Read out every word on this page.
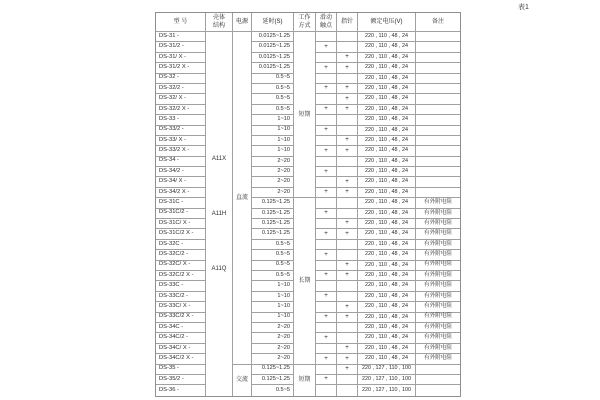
表1
型 号
DS-31 -
DS-31/2 -
DS-31/ X -
DS-31/2 X -
DS-32 -
DS-32/2 -
DS-32/ X -
DS-32/2 X -
DS-33 -
DS-33/2 -
DS-33/ X -
DS-33/2 X -
DS-34 -
DS-34/2 -
DS-34/ X -
DS-34/2 X -
DS-31C -
DS-31C/2 -
DS-31C/ X -
DS-31C/2 X -
DS-32C -
DS-32C/2 -
DS-32C/ X -
DS-32C/2 X -
DS-33C -
DS-33C/2 -
DS-33C/ X -
DS-33C/2 X -
DS-34C -
DS-34C/2 -
DS-34C/ X -
DS-34C/2 X -
DS-35 -
DS-35/2 -
DS-36 -
壳体
结构
A11X
A11H
A11Q
电源
直流
交流
延时(S)
0.0125~1.25
0.0125~1.25
0.0125~1.25
0.0125~1.25
0.5~5
0.5~5
0.5~5
0.5~5
1~10
1~10
1~10
1~10
2~20
2~20
2~20
2~20
0.125~1.25
0.125~1.25
0.125~1.25
0.125~1.25
0.5~5
0.5~5
0.5~5
0.5~5
1~10
1~10
1~10
1~10
2~20
2~20
2~20
2~20
0.125~1.25
0.125~1.25
0.5~5
工作
方式
短期
长期
短期
滑动
触点
+
+
+
+
+
+
+
+
+
+
+
+
+
+
+
+
+
指针
+
+
+
+
+
+
+
+
+
+
+
+
+
+
+
+
+
+
额定电压(V)
220 , 110 , 48 , 24
220 , 110 , 48 , 24
220 , 110 , 48 , 24
220 , 110 , 48 , 24
220 , 110 , 48 , 24
220 , 110 , 48 , 24
220 , 110 , 48 , 24
220 , 110 , 48 , 24
220 , 110 , 48 , 24
220 , 110 , 48 , 24
220 , 110 , 48 , 24
220 , 110 , 48 , 24
220 , 110 , 48 , 24
220 , 110 , 48 , 24
220 , 110 , 48 , 24
220 , 110 , 48 , 24
220 , 110 , 48 , 24
220 , 110 , 48 , 24
220 , 110 , 48 , 24
220 , 110 , 48 , 24
220 , 110 , 48 , 24
220 , 110 , 48 , 24
220 , 110 , 48 , 24
220 , 110 , 48 , 24
220 , 110 , 48 , 24
220 , 110 , 48 , 24
220 , 110 , 48 , 24
220 , 110 , 48 , 24
220 , 110 , 48 , 24
220 , 110 , 48 , 24
220 , 110 , 48 , 24
220 , 110 , 48 , 24
220 , 127 , 110 , 100
220 , 127 , 110 , 100
220 , 127 , 110 , 100
备注
有外附电阻
有外附电阻
有外附电阻
有外附电阻
有外附电阻
有外附电阻
有外附电阻
有外附电阻
有外附电阻
有外附电阻
有外附电阻
有外附电阻
有外附电阻
有外附电阻
有外附电阻
有外附电阻
